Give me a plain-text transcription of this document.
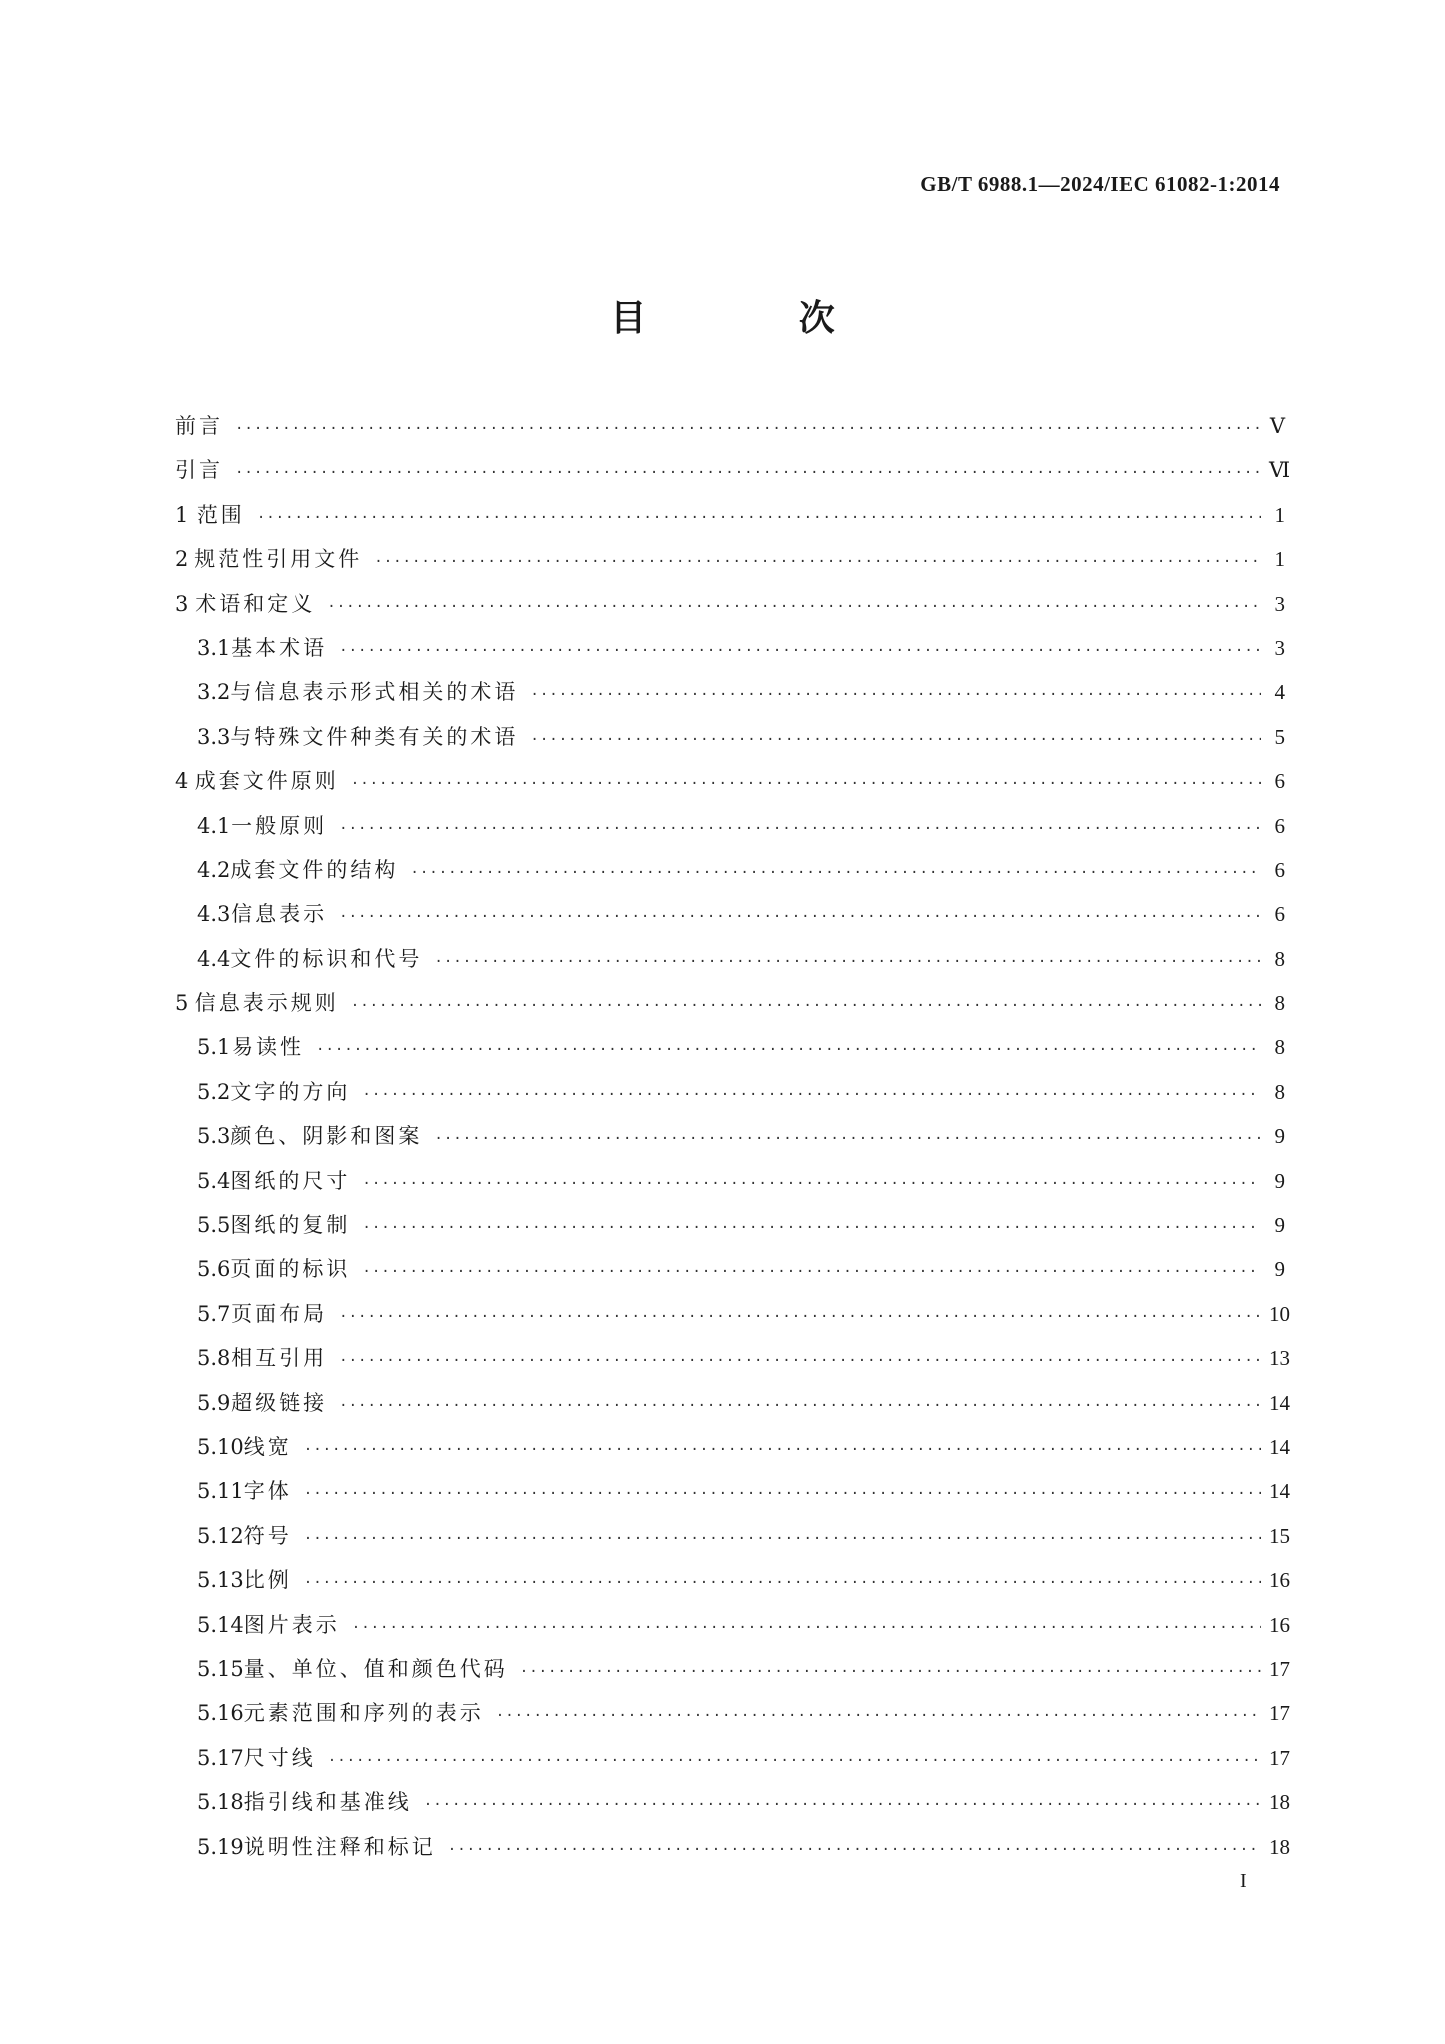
GB/T 6988.1—2024/IEC 61082-1:2014
目 次
前言 ·····	Ⅴ
引言 ·····	Ⅵ
1 范围 ·····	1
2 规范性引用文件 ·····	1
3 术语和定义 ·····	3
3.1 基本术语 ·····	3
3.2 与信息表示形式相关的术语 ·····	4
3.3 与特殊文件种类有关的术语 ·····	5
4 成套文件原则 ·····	6
4.1 一般原则 ·····	6
4.2 成套文件的结构 ·····	6
4.3 信息表示 ·····	6
4.4 文件的标识和代号 ·····	8
5 信息表示规则 ·····	8
5.1 易读性 ·····	8
5.2 文字的方向 ·····	8
5.3 颜色、阴影和图案 ·····	9
5.4 图纸的尺寸 ·····	9
5.5 图纸的复制 ·····	9
5.6 页面的标识 ·····	9
5.7 页面布局 ·····	10
5.8 相互引用 ·····	13
5.9 超级链接 ·····	14
5.10 线宽 ·····	14
5.11 字体 ·····	14
5.12 符号 ·····	15
5.13 比例 ·····	16
5.14 图片表示 ·····	16
5.15 量、单位、值和颜色代码 ·····	17
5.16 元素范围和序列的表示 ·····	17
5.17 尺寸线 ·····	17
5.18 指引线和基准线 ·····	18
5.19 说明性注释和标记 ·····	18
I
